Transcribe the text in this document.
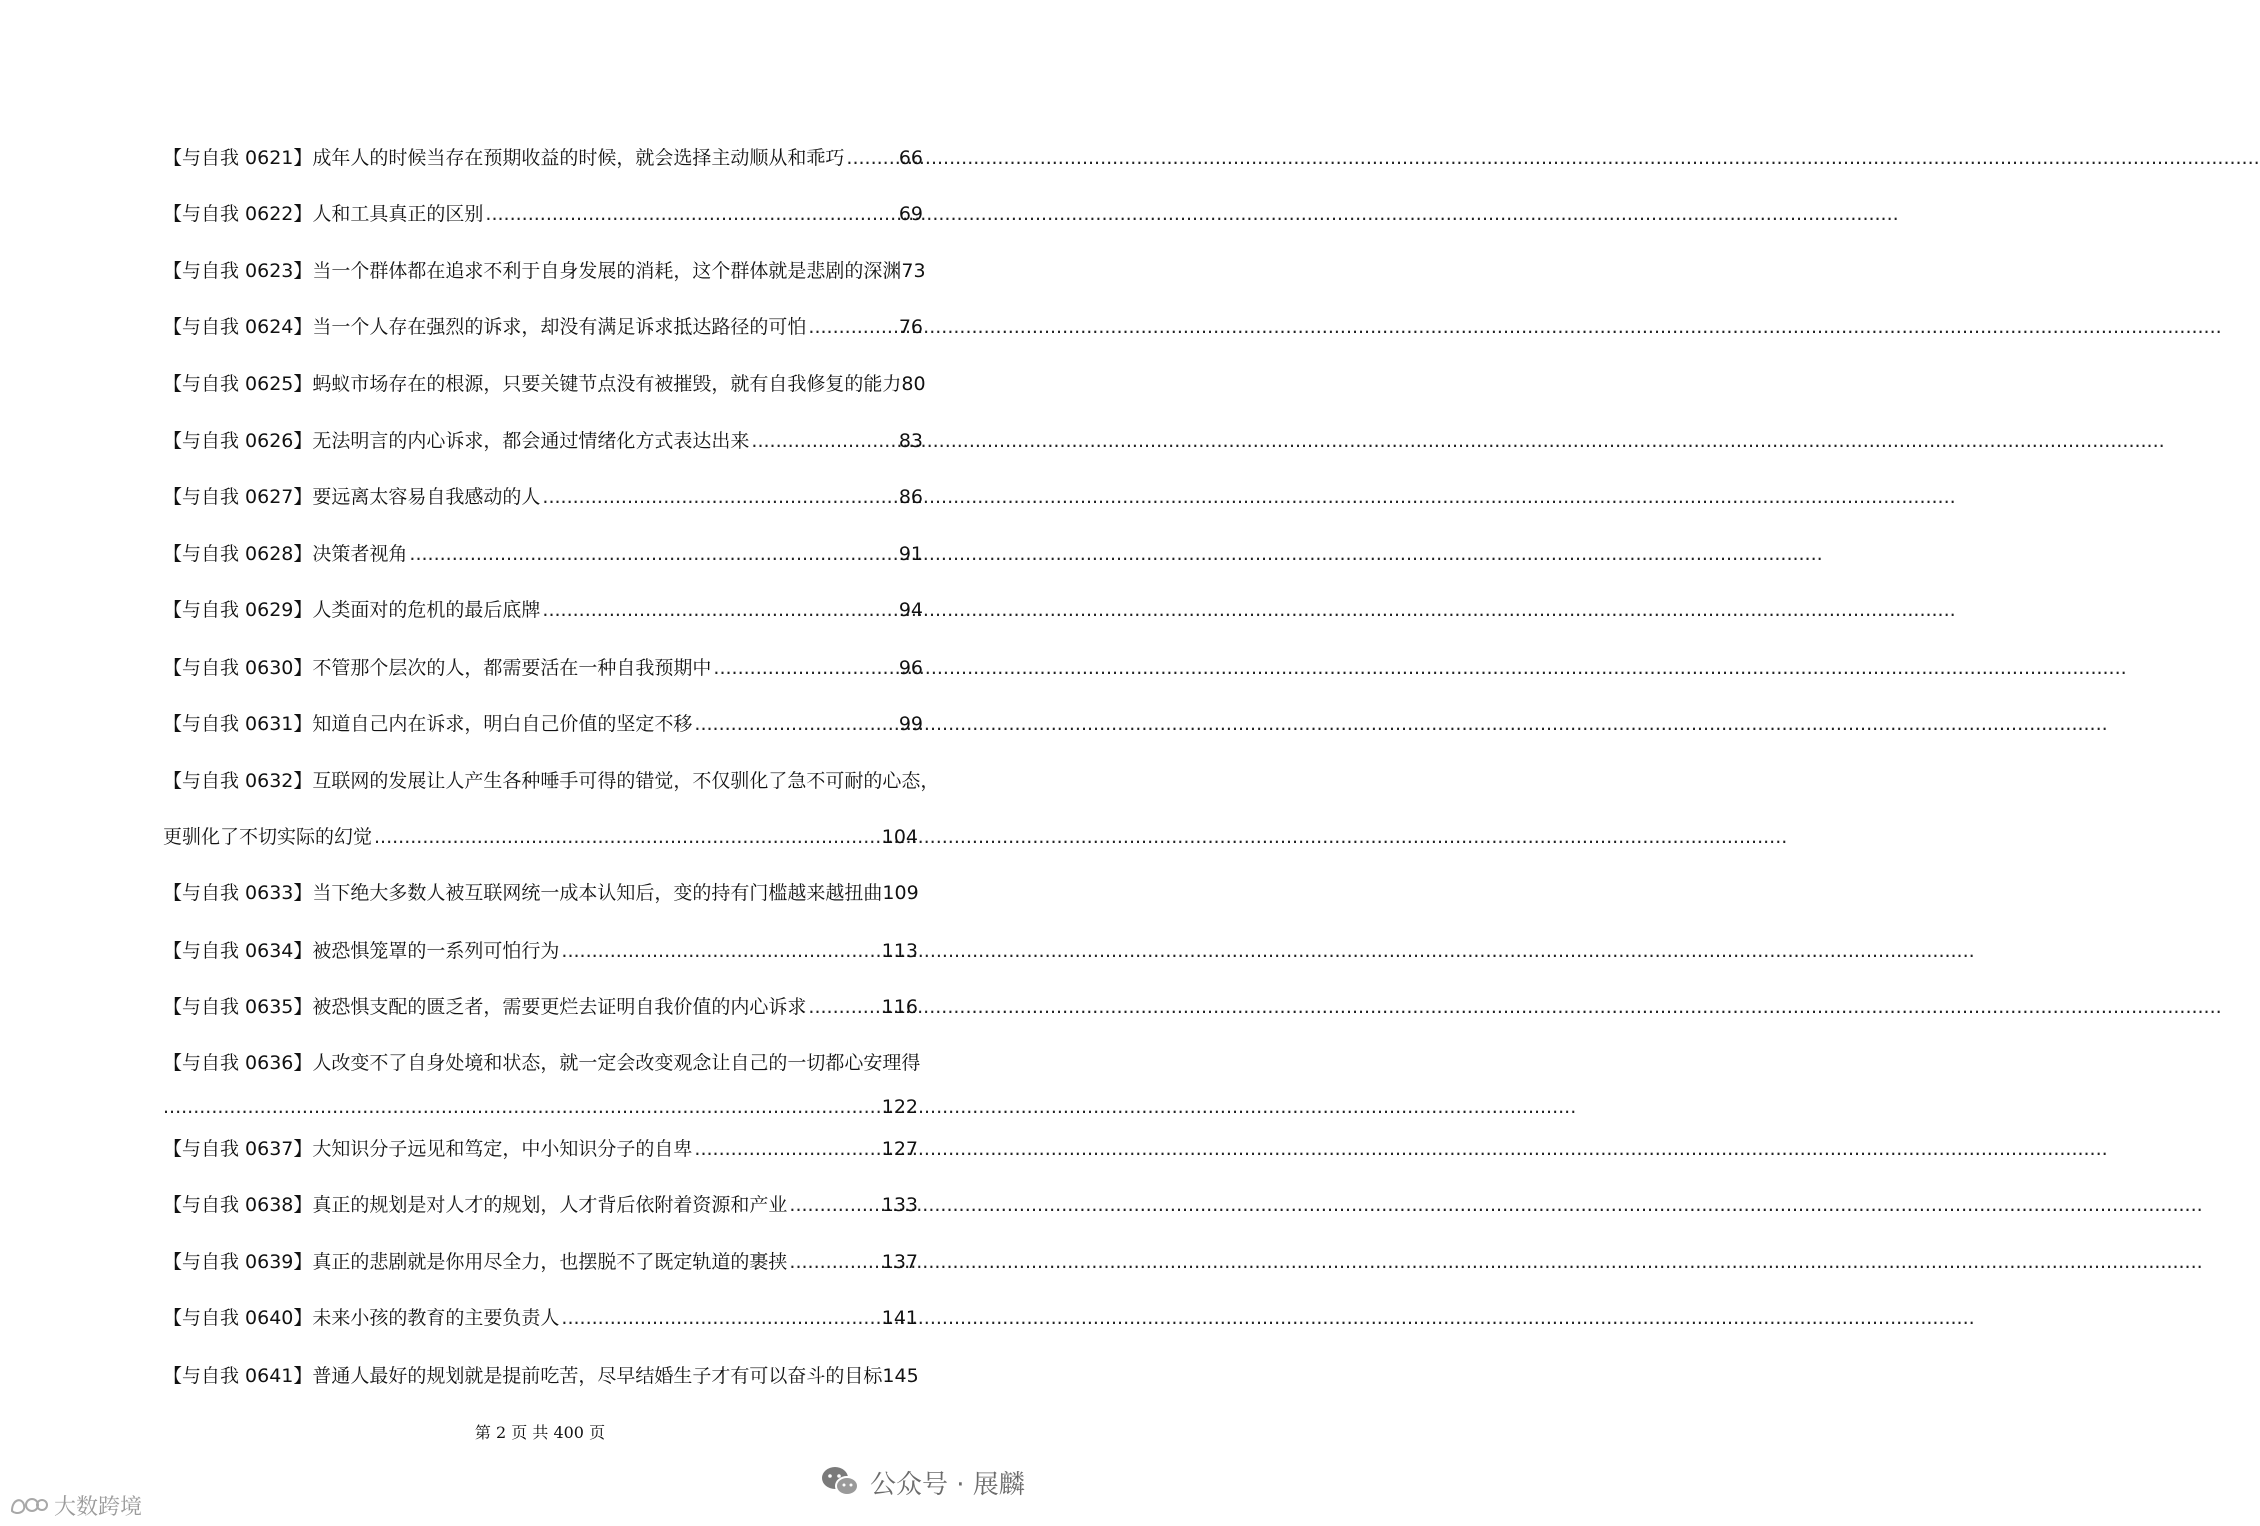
【与自我 0621】成年人的时候当存在预期收益的时候，就会选择主动顺从和乖巧 .....	66
【与自我 0622】人和工具真正的区别 .....	69
【与自我 0623】当一个群体都在追求不利于自身发展的消耗，这个群体就是悲剧的深渊 73
【与自我 0624】当一个人存在强烈的诉求，却没有满足诉求抵达路径的可怕 .....	76
【与自我 0625】蚂蚁市场存在的根源，只要关键节点没有被摧毁，就有自我修复的能力 80
【与自我 0626】无法明言的内心诉求，都会通过情绪化方式表达出来 .....	83
【与自我 0627】要远离太容易自我感动的人 .....	86
【与自我 0628】决策者视角 .....	91
【与自我 0629】人类面对的危机的最后底牌 .....	94
【与自我 0630】不管那个层次的人，都需要活在一种自我预期中 .....	96
【与自我 0631】知道自己内在诉求，明白自己价值的坚定不移 .....	99
【与自我 0632】互联网的发展让人产生各种唾手可得的错觉，不仅驯化了急不可耐的心态，
更驯化了不切实际的幻觉 .....	104
【与自我 0633】当下绝大多数人被互联网统一成本认知后，变的持有门槛越来越扭曲 109
【与自我 0634】被恐惧笼罩的一系列可怕行为 .....	113
【与自我 0635】被恐惧支配的匮乏者，需要更烂去证明自我价值的内心诉求 .....	116
【与自我 0636】人改变不了自身处境和状态，就一定会改变观念让自己的一切都心安理得
.....
122
【与自我 0637】大知识分子远见和笃定，中小知识分子的自卑 .....	127
【与自我 0638】真正的规划是对人才的规划，人才背后依附着资源和产业 .....	133
【与自我 0639】真正的悲剧就是你用尽全力，也摆脱不了既定轨道的裹挟 .....	137
【与自我 0640】未来小孩的教育的主要负责人 .....	141
【与自我 0641】普通人最好的规划就是提前吃苦，尽早结婚生子才有可以奋斗的目标 145
第 2 页 共 400 页
公众号 · 展麟
大数跨境
